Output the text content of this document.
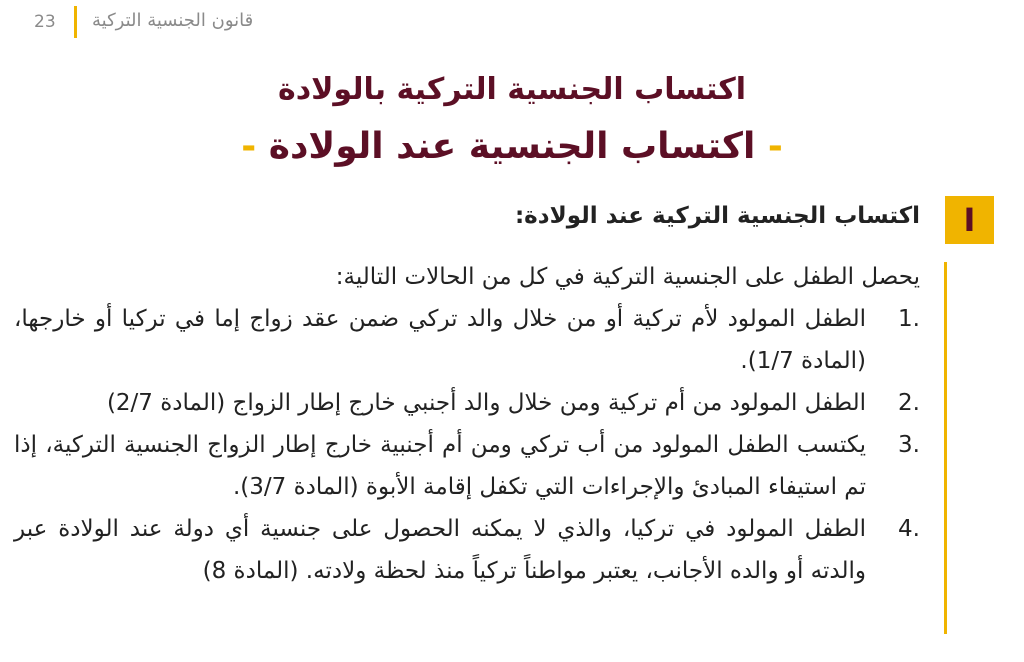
23 قانون الجنسية التركية
اكتساب الجنسية التركية بالولادة
- اكتساب الجنسية عند الولادة -
I
اكتساب الجنسية التركية عند الولادة:
يحصل الطفل على الجنسية التركية في كل من الحالات التالية:
1.
الطفل المولود لأم تركية أو من خلال والد تركي ضمن عقد زواج إما في تركيا أو خارجها، (المادة 1/7).
2.
الطفل المولود من أم تركية ومن خلال والد أجنبي خارج إطار الزواج (المادة 2/7)
3.
يكتسب الطفل المولود من أب تركي ومن أم أجنبية خارج إطار الزواج الجنسية التركية، إذا تم استيفاء المبادئ والإجراءات التي تكفل إقامة الأبوة (المادة 3/7).
4.
الطفل المولود في تركيا، والذي لا يمكنه الحصول على جنسية أي دولة عند الولادة عبر والدته أو والده الأجانب، يعتبر مواطناً تركياً منذ لحظة ولادته. (المادة 8)
